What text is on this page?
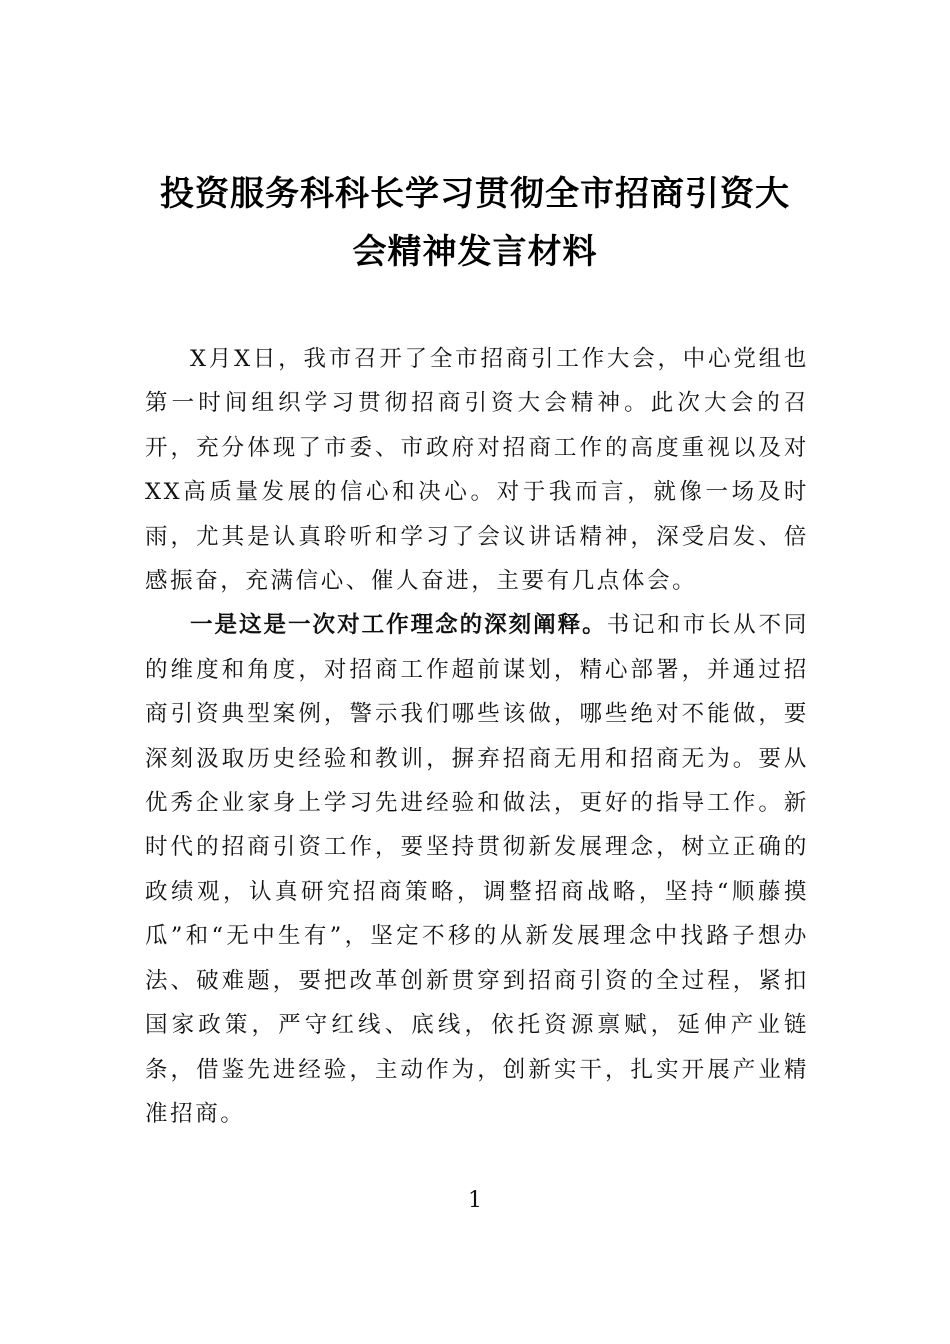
投资服务科科长学习贯彻全市招商引资大
会精神发言材料

X月X日，我市召开了全市招商引工作大会，中心党组也第一时间组织学习贯彻招商引资大会精神。此次大会的召开，充分体现了市委、市政府对招商工作的高度重视以及对XX高质量发展的信心和决心。对于我而言，就像一场及时雨，尤其是认真聆听和学习了会议讲话精神，深受启发、倍感振奋，充满信心、催人奋进，主要有几点体会。

一是这是一次对工作理念的深刻阐释。书记和市长从不同的维度和角度，对招商工作超前谋划，精心部署，并通过招商引资典型案例，警示我们哪些该做，哪些绝对不能做，要深刻汲取历史经验和教训，摒弃招商无用和招商无为。要从优秀企业家身上学习先进经验和做法，更好的指导工作。新时代的招商引资工作，要坚持贯彻新发展理念，树立正确的政绩观，认真研究招商策略，调整招商战略，坚持“顺藤摸瓜”和“无中生有”，坚定不移的从新发展理念中找路子想办法、破难题，要把改革创新贯穿到招商引资的全过程，紧扣国家政策，严守红线、底线，依托资源禀赋，延伸产业链条，借鉴先进经验，主动作为，创新实干，扎实开展产业精准招商。

1
